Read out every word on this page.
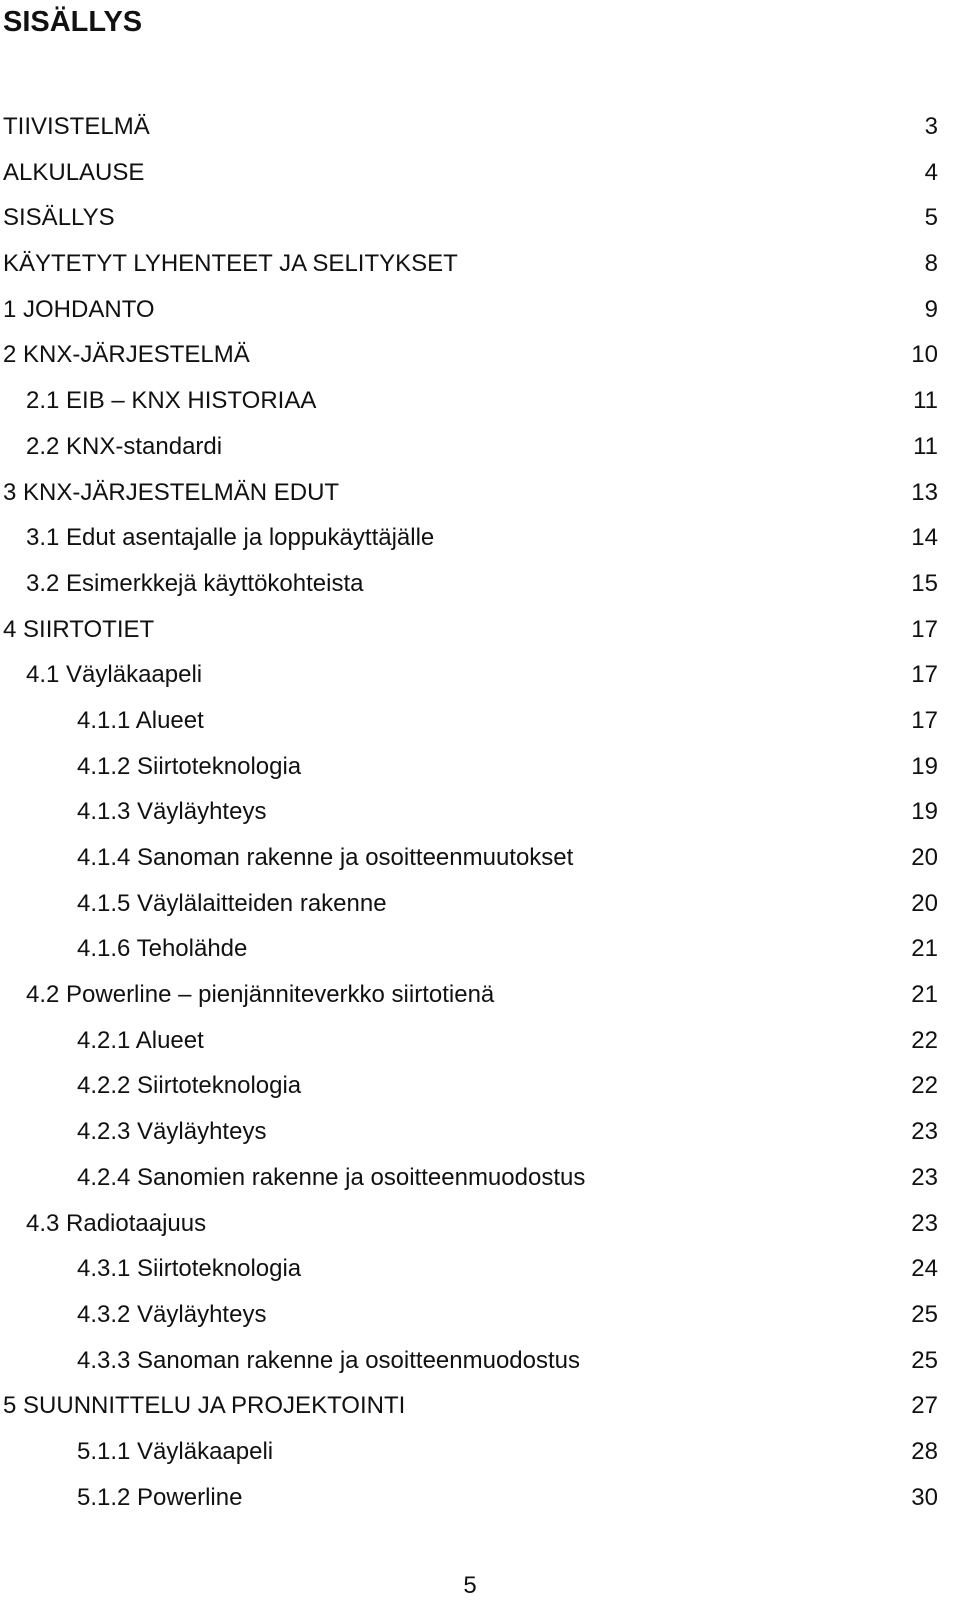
SISÄLLYS
TIIVISTELMÄ	3
ALKULAUSE	4
SISÄLLYS	5
KÄYTETYT LYHENTEET JA SELITYKSET	8
1 JOHDANTO	9
2 KNX-JÄRJESTELMÄ	10
2.1 EIB – KNX HISTORIAA	11
2.2 KNX-standardi	11
3 KNX-JÄRJESTELMÄN EDUT	13
3.1 Edut asentajalle ja loppukäyttäjälle	14
3.2 Esimerkkejä käyttökohteista	15
4 SIIRTOTIET	17
4.1 Väyläkaapeli	17
4.1.1 Alueet	17
4.1.2 Siirtoteknologia	19
4.1.3 Väyläyhteys	19
4.1.4 Sanoman rakenne ja osoitteenmuutokset	20
4.1.5 Väylälaitteiden rakenne	20
4.1.6 Teholähde	21
4.2 Powerline – pienjänniteverkko siirtotienä	21
4.2.1 Alueet	22
4.2.2 Siirtoteknologia	22
4.2.3 Väyläyhteys	23
4.2.4 Sanomien rakenne ja osoitteenmuodostus	23
4.3 Radiotaajuus	23
4.3.1 Siirtoteknologia	24
4.3.2 Väyläyhteys	25
4.3.3 Sanoman rakenne ja osoitteenmuodostus	25
5 SUUNNITTELU JA PROJEKTOINTI	27
5.1.1 Väyläkaapeli	28
5.1.2 Powerline	30
5
